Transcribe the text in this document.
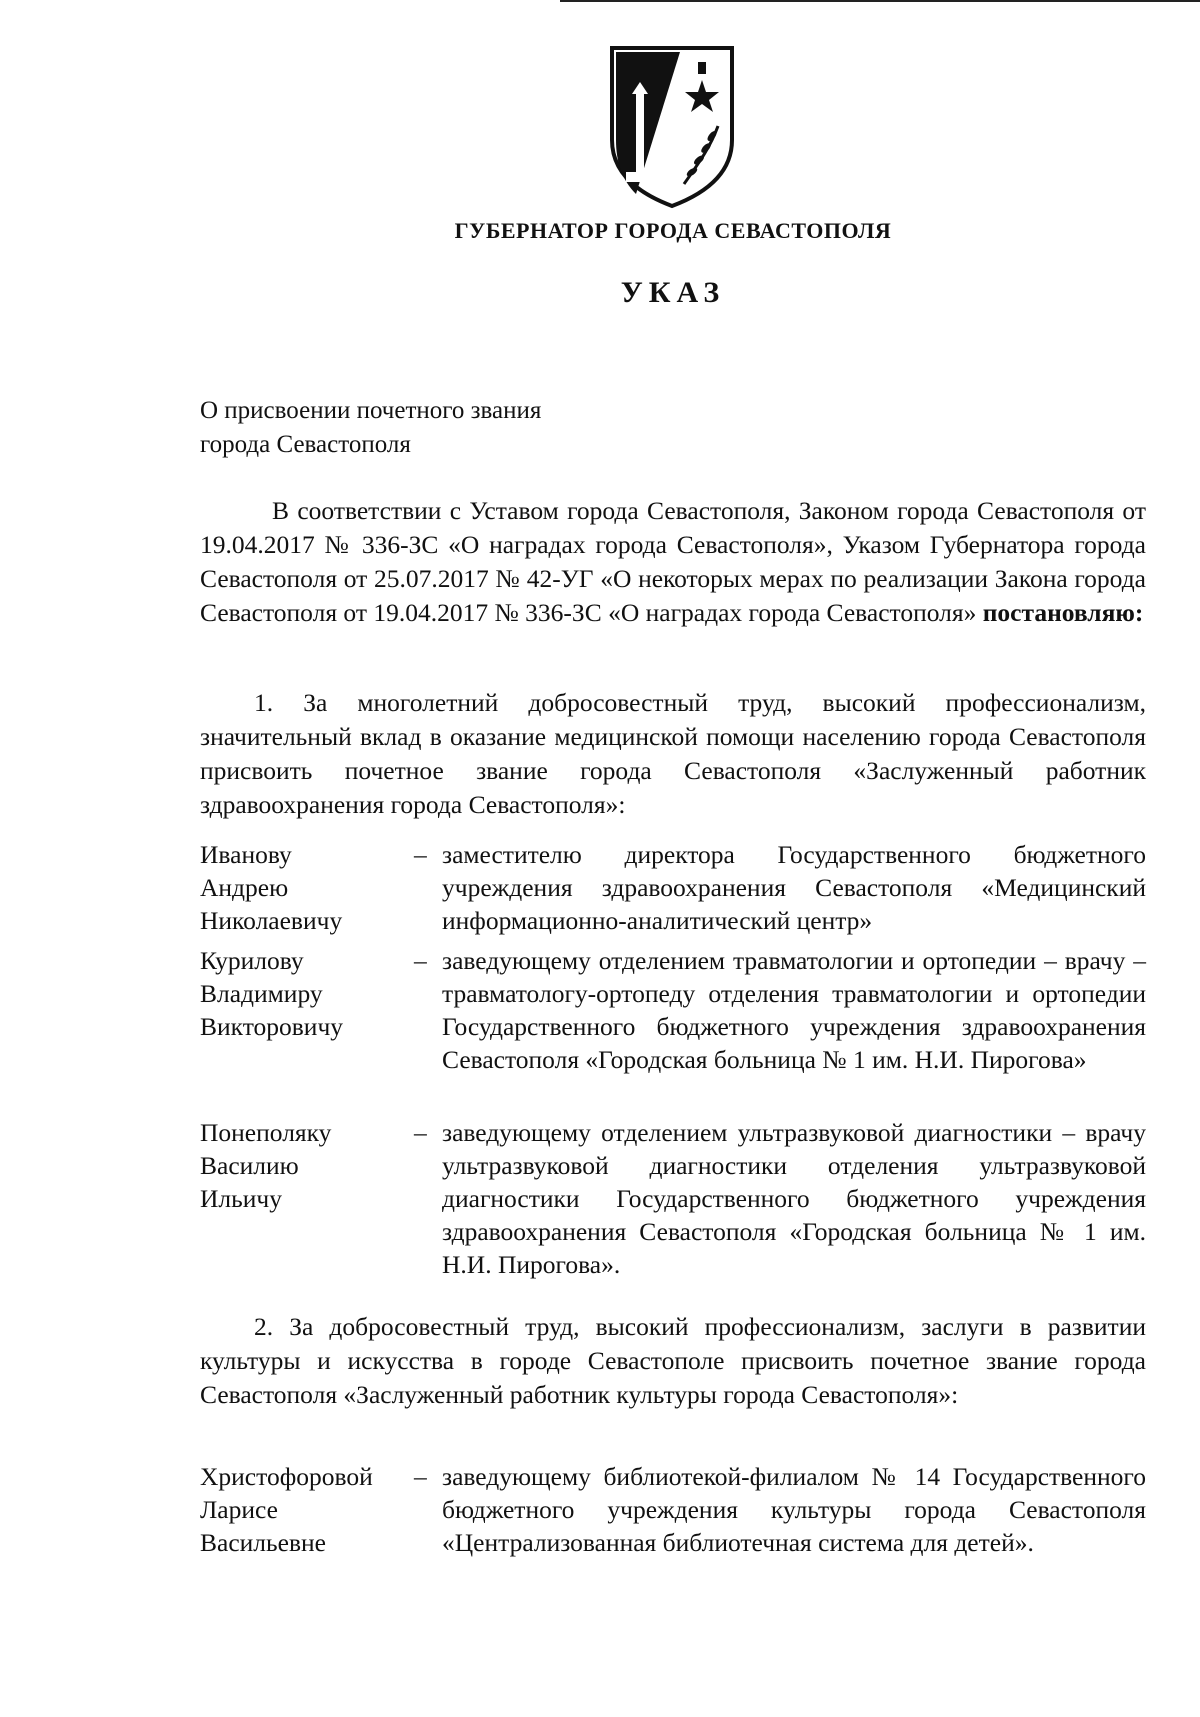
ГУБЕРНАТОР ГОРОДА СЕВАСТОПОЛЯ
УКАЗ
О присвоении почетного звания
города Севастополя
В соответствии с Уставом города Севастополя, Законом города Севастополя от 19.04.2017 № 336-ЗС «О наградах города Севастополя», Указом Губернатора города Севастополя от 25.07.2017 № 42-УГ «О некоторых мерах по реализации Закона города Севастополя от 19.04.2017 № 336-ЗС «О наградах города Севастополя» постановляю:
1. За многолетний добросовестный труд, высокий профессионализм, значительный вклад в оказание медицинской помощи населению города Севастополя присвоить почетное звание города Севастополя «Заслуженный работник здравоохранения города Севастополя»:
Иванову
Андрею
Николаевичу
– заместителю директора Государственного бюджетного учреждения здравоохранения Севастополя «Медицинский информационно-аналитический центр»
Курилову
Владимиру
Викторовичу
– заведующему отделением травматологии и ортопедии – врачу – травматологу-ортопеду отделения травматологии и ортопедии Государственного бюджетного учреждения здравоохранения Севастополя «Городская больница № 1 им. Н.И. Пирогова»
Понеполяку
Василию
Ильичу
– заведующему отделением ультразвуковой диагностики – врачу ультразвуковой диагностики отделения ультразвуковой диагностики Государственного бюджетного учреждения здравоохранения Севастополя «Городская больница № 1 им. Н.И. Пирогова».
2. За добросовестный труд, высокий профессионализм, заслуги в развитии культуры и искусства в городе Севастополе присвоить почетное звание города Севастополя «Заслуженный работник культуры города Севастополя»:
Христофоровой
Ларисе
Васильевне
– заведующему библиотекой-филиалом № 14 Государственного бюджетного учреждения культуры города Севастополя «Централизованная библиотечная система для детей».
